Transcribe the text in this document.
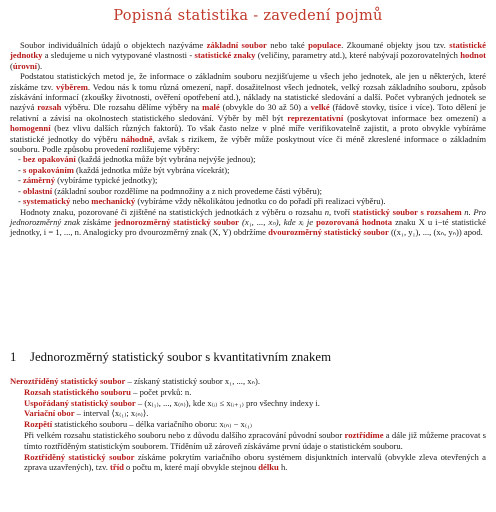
Popisná statistika - zavedení pojmů

Soubor individuálních údajů o objektech nazýváme základní soubor nebo také populace. Zkoumané objekty jsou tzv. statistické jednotky a sledujeme u nich vytypované vlastnosti - statistické znaky (veličiny, parametry atd.), které nabývají pozorovatelných hodnot (úrovní).

Podstatou statistických metod je, že informace o základním souboru nezjišťujeme u všech jeho jednotek, ale jen u některých, které získáme tzv. výběrem. Vedou nás k tomu různá omezení, např. dosažitelnost všech jednotek, velký rozsah základního souboru, způsob získávání informací (zkoušky životnosti, ověření opotřebení atd.), náklady na statistické sledování a další. Počet vybraných jednotek se nazývá rozsah výběru. Dle rozsahu dělíme výběry na malé (obvykle do 30 až 50) a velké (řádově stovky, tisíce i více). Toto dělení je relativní a závisí na okolnostech statistického sledování. Výběr by měl být reprezentativní (poskytovat informace bez omezení) a homogenní (bez vlivu dalších různých faktorů). To však často nelze v plné míře verifikovatelně zajistit, a proto obvykle vybíráme statistické jednotky do výběru náhodně, avšak s rizikem, že výběr může poskytnout více či méně zkreslené informace o základním souboru. Podle způsobu provedení rozlišujeme výběry:

- bez opakování (každá jednotka může být vybrána nejvýše jednou);
- s opakováním (každá jednotka může být vybrána vícekrát);
- záměrný (vybíráme typické jednotky);
- oblastní (základní soubor rozdělíme na podmnožiny a z nich provedeme části výběru);
- systematický nebo mechanický (vybíráme vždy několikátou jednotku co do pořadí při realizaci výběru).

Hodnoty znaku, pozorované či zjištěné na statistických jednotkách z výběru o rozsahu n, tvoří statistický soubor s rozsahem n. Pro jednorozměrný znak získáme jednorozměrný statistický soubor (x₁, ..., xₙ), kde xᵢ je pozorovaná hodnota znaku X u i−té statistické jednotky, i = 1, ..., n. Analogicky pro dvourozměrný znak (X, Y) obdržíme dvourozměrný statistický soubor ((x₁, y₁), ..., (xₙ, yₙ)) apod.

1 Jednorozměrný statistický soubor s kvantitativním znakem

Neroztříděný statistický soubor – získaný statistický soubor x₁, ..., xₙ).

Rozsah statistického souboru – počet prvků: n.

Uspořádaný statistický soubor – (x₍₁₎, ..., x₍ₙ₎), kde x₍ᵢ₎ ≤ x₍ᵢ₊₁₎ pro všechny indexy i.

Variační obor – interval ⟨x₍₁₎; x₍ₙ₎⟩.

Rozpětí statistického souboru – délka variačního oboru: x₍ₙ₎ − x₍₁₎

Při velkém rozsahu statistického souboru nebo z důvodu dalšího zpracování původní soubor roztřídíme a dále již můžeme pracovat s tímto roztříděným statistickým souborem. Tříděním už zároveň získáváme první údaje o statistickém souboru.

Roztříděný statistický soubor získáme pokrytím variačního oboru systémem disjunktních intervalů (obvykle zleva otevřených a zprava uzavřených), tzv. tříd o počtu m, které mají obvykle stejnou délku h.
